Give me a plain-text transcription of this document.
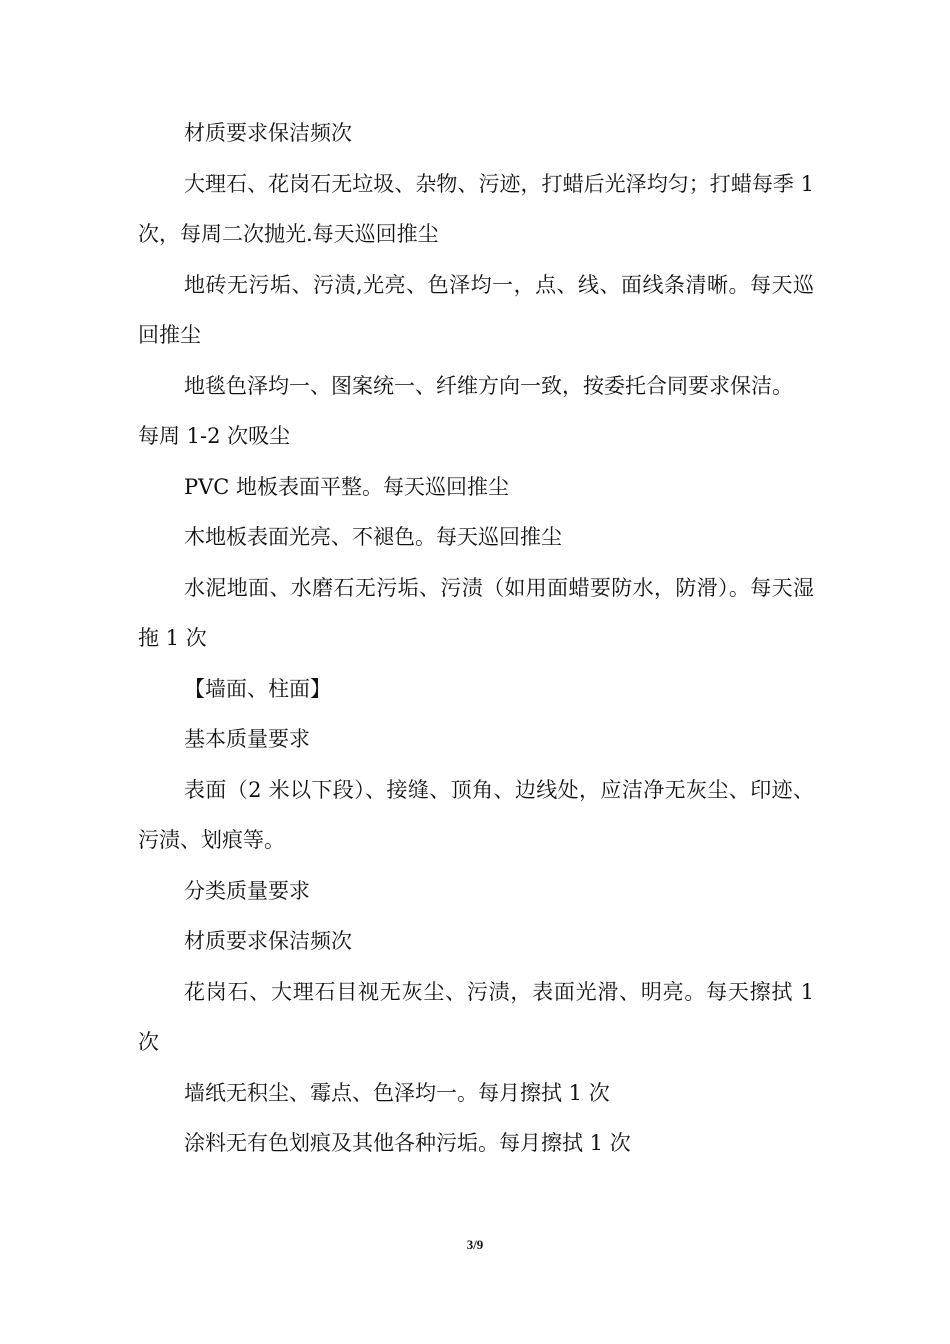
材质要求保洁频次

大理石、花岗石无垃圾、杂物、污迹，打蜡后光泽均匀；打蜡每季 1 次，每周二次抛光.每天巡回推尘

地砖无污垢、污渍,光亮、色泽均一，点、线、面线条清晰。每天巡回推尘

地毯色泽均一、图案统一、纤维方向一致，按委托合同要求保洁。

每周 1-2 次吸尘

PVC 地板表面平整。每天巡回推尘

木地板表面光亮、不褪色。每天巡回推尘

水泥地面、水磨石无污垢、污渍（如用面蜡要防水，防滑）。每天湿拖 1 次

【墙面、柱面】

基本质量要求

表面（2 米以下段）、接缝、顶角、边线处，应洁净无灰尘、印迹、污渍、划痕等。

分类质量要求

材质要求保洁频次

花岗石、大理石目视无灰尘、污渍，表面光滑、明亮。每天擦拭 1 次

墙纸无积尘、霉点、色泽均一。每月擦拭 1 次

涂料无有色划痕及其他各种污垢。每月擦拭 1 次

3/9
